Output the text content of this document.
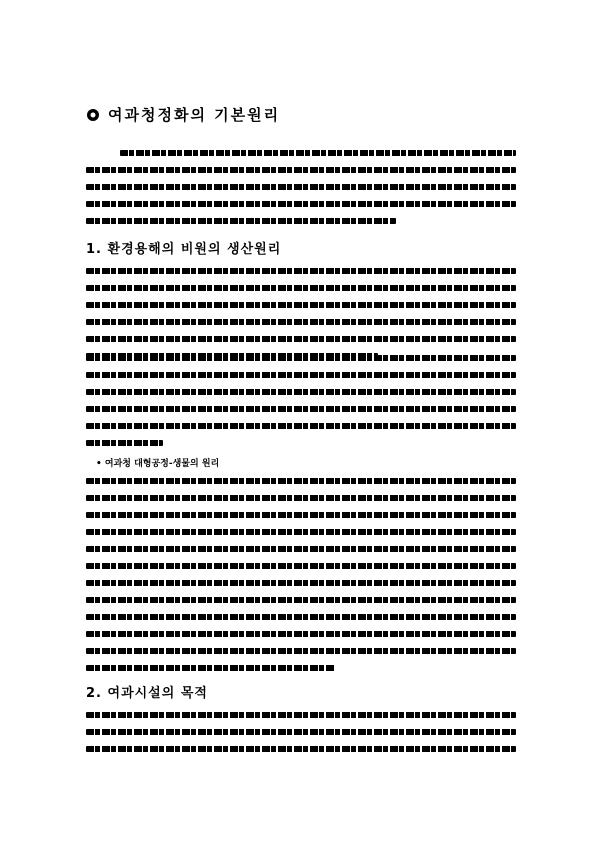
여과청정화의 기본원리
1. 환경용해의 비원의 생산원리
• 여과청 대형공정-생물의 원리
2. 여과시설의 목적
